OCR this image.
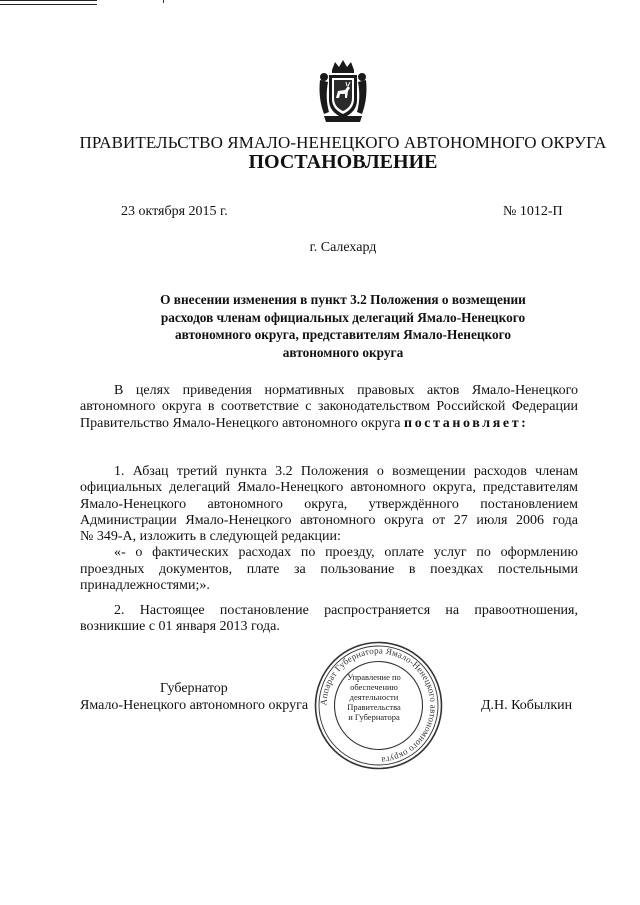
ПРАВИТЕЛЬСТВО ЯМАЛО-НЕНЕЦКОГО АВТОНОМНОГО ОКРУГА
ПОСТАНОВЛЕНИЕ
23 октября 2015 г.	№ 1012-П
г. Салехард
О внесении изменения в пункт 3.2 Положения о возмещении
расходов членам официальных делегаций Ямало-Ненецкого
автономного округа, представителям Ямало-Ненецкого
автономного округа
В целях приведения нормативных правовых актов Ямало-Ненецкого
автономного округа в соответствие с законодательством Российской Федерации
Правительство Ямало-Ненецкого автономного округа постановляет:
1. Абзац третий пункта 3.2 Положения о возмещении расходов членам
официальных делегаций Ямало-Ненецкого автономного округа, представителям
Ямало-Ненецкого автономного округа, утверждённого постановлением
Администрации Ямало-Ненецкого автономного округа от 27 июля 2006 года
№ 349-А, изложить в следующей редакции:
«- о фактических расходах по проезду, оплате услуг по оформлению
проездных документов, плате за пользование в поездках постельными
принадлежностями;».
2. Настоящее постановление распространяется на правоотношения,
возникшие с 01 января 2013 года.
Губернатор
Ямало-Ненецкого автономного округа	Д.Н. Кобылкин
Аппарат Губернатора Ямало-Ненецкого автономного округа
Управление по
обеспечению
деятельности
Правительства
и Губернатора
